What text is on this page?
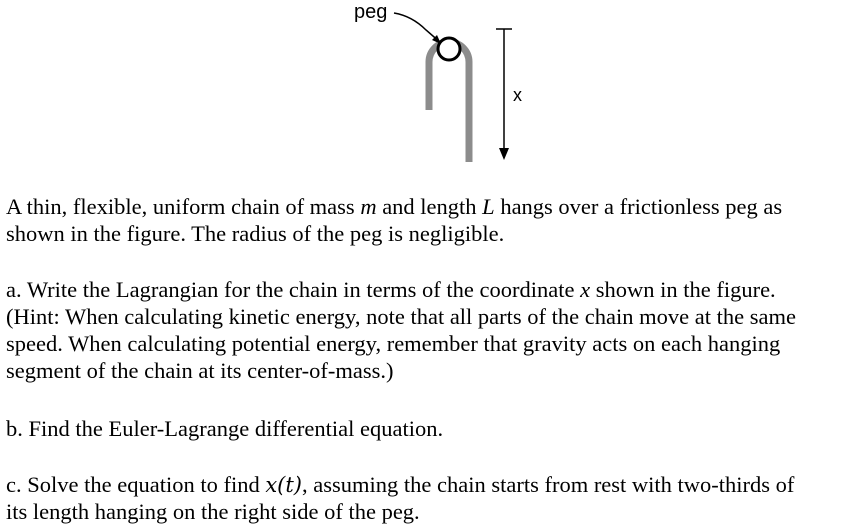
peg
x
A thin, flexible, uniform chain of mass m and length L hangs over a frictionless peg as
shown in the figure. The radius of the peg is negligible.
a. Write the Lagrangian for the chain in terms of the coordinate x shown in the figure.
(Hint: When calculating kinetic energy, note that all parts of the chain move at the same
speed. When calculating potential energy, remember that gravity acts on each hanging
segment of the chain at its center-of-mass.)
b. Find the Euler-Lagrange differential equation.
c. Solve the equation to find x(t), assuming the chain starts from rest with two-thirds of
its length hanging on the right side of the peg.
